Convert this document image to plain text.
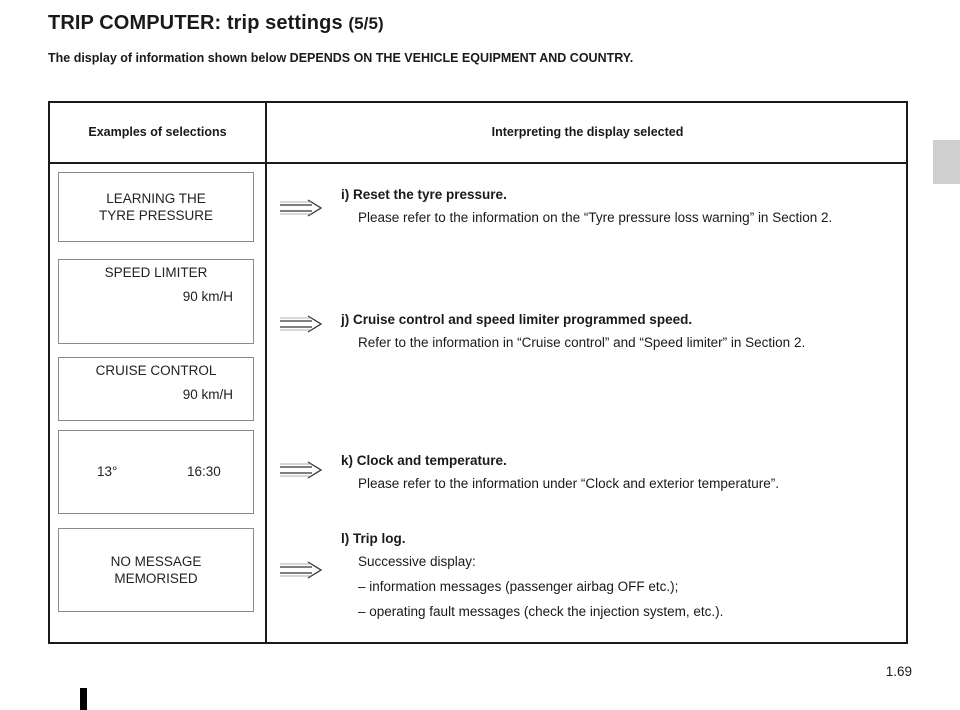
TRIP COMPUTER: trip settings (5/5)
The display of information shown below DEPENDS ON THE VEHICLE EQUIPMENT AND COUNTRY.
Examples of selections	Interpreting the display selected
LEARNING THE
TYRE PRESSURE
SPEED LIMITER
90 km/H
CRUISE CONTROL
90 km/H
13°	16:30
NO MESSAGE
MEMORISED
i) Reset the tyre pressure.
Please refer to the information on the “Tyre pressure loss warning” in Section 2.
j) Cruise control and speed limiter programmed speed.
Refer to the information in “Cruise control” and “Speed limiter” in Section 2.
k) Clock and temperature.
Please refer to the information under “Clock and exterior temperature”.
l) Trip log.
Successive display:
– information messages (passenger airbag OFF etc.);
– operating fault messages (check the injection system, etc.).
1.69
